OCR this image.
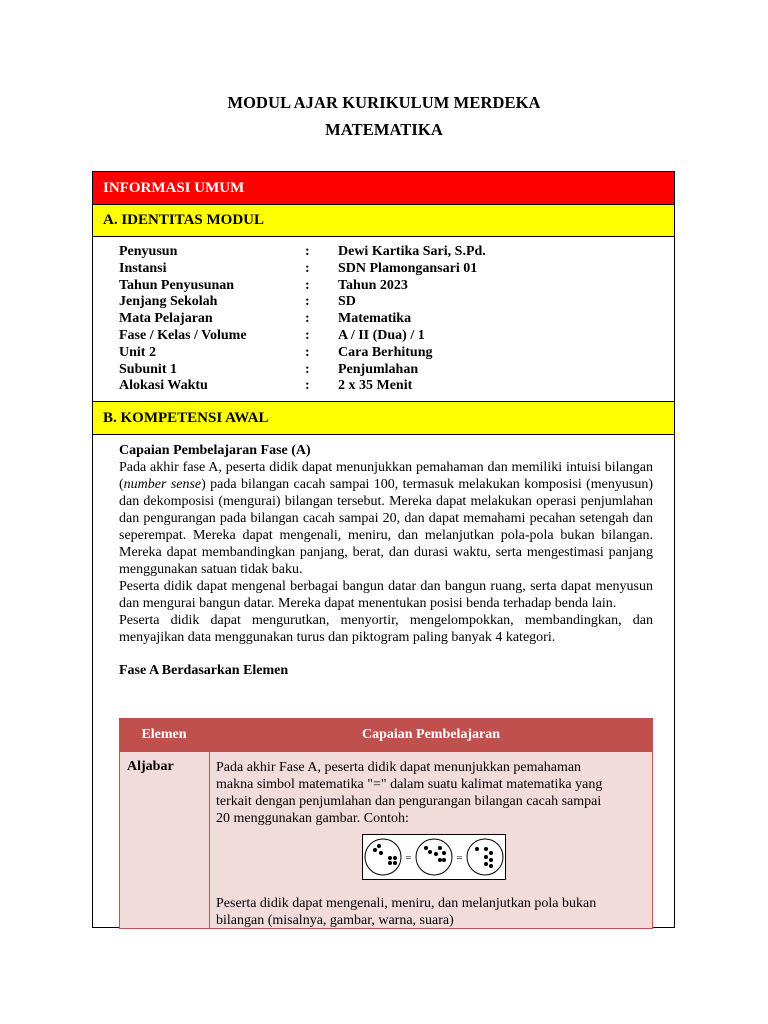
MODUL AJAR KURIKULUM MERDEKA
MATEMATIKA
INFORMASI UMUM
A. IDENTITAS MODUL
Penyusun	: Dewi Kartika Sari, S.Pd.
Instansi	: SDN Plamongansari 01
Tahun Penyusunan	: Tahun 2023
Jenjang Sekolah	: SD
Mata Pelajaran	: Matematika
Fase / Kelas / Volume	: A / II (Dua) / 1
Unit 2	: Cara Berhitung
Subunit 1	: Penjumlahan
Alokasi Waktu	: 2 x 35 Menit
B. KOMPETENSI AWAL
Capaian Pembelajaran Fase (A)

Pada akhir fase A, peserta didik dapat menunjukkan pemahaman dan memiliki intuisi bilangan (number sense) pada bilangan cacah sampai 100, termasuk melakukan komposisi (menyusun) dan dekomposisi (mengurai) bilangan tersebut. Mereka dapat melakukan operasi penjumlahan dan pengurangan pada bilangan cacah sampai 20, dan dapat memahami pecahan setengah dan seperempat. Mereka dapat mengenali, meniru, dan melanjutkan pola-pola bukan bilangan. Mereka dapat membandingkan panjang, berat, dan durasi waktu, serta mengestimasi panjang menggunakan satuan tidak baku.

Peserta didik dapat mengenal berbagai bangun datar dan bangun ruang, serta dapat menyusun dan mengurai bangun datar. Mereka dapat menentukan posisi benda terhadap benda lain.

Peserta didik dapat mengurutkan, menyortir, mengelompokkan, membandingkan, dan menyajikan data menggunakan turus dan piktogram paling banyak 4 kategori.

Fase A Berdasarkan Elemen
Elemen	Capaian Pembelajaran
Aljabar	Pada akhir Fase A, peserta didik dapat menunjukkan pemahaman
makna simbol matematika "=" dalam suatu kalimat matematika yang
terkait dengan penjumlahan dan pengurangan bilangan cacah sampai
20 menggunakan gambar. Contoh:
=	=
Peserta didik dapat mengenali, meniru, dan melanjutkan pola bukan
bilangan (misalnya, gambar, warna, suara)
